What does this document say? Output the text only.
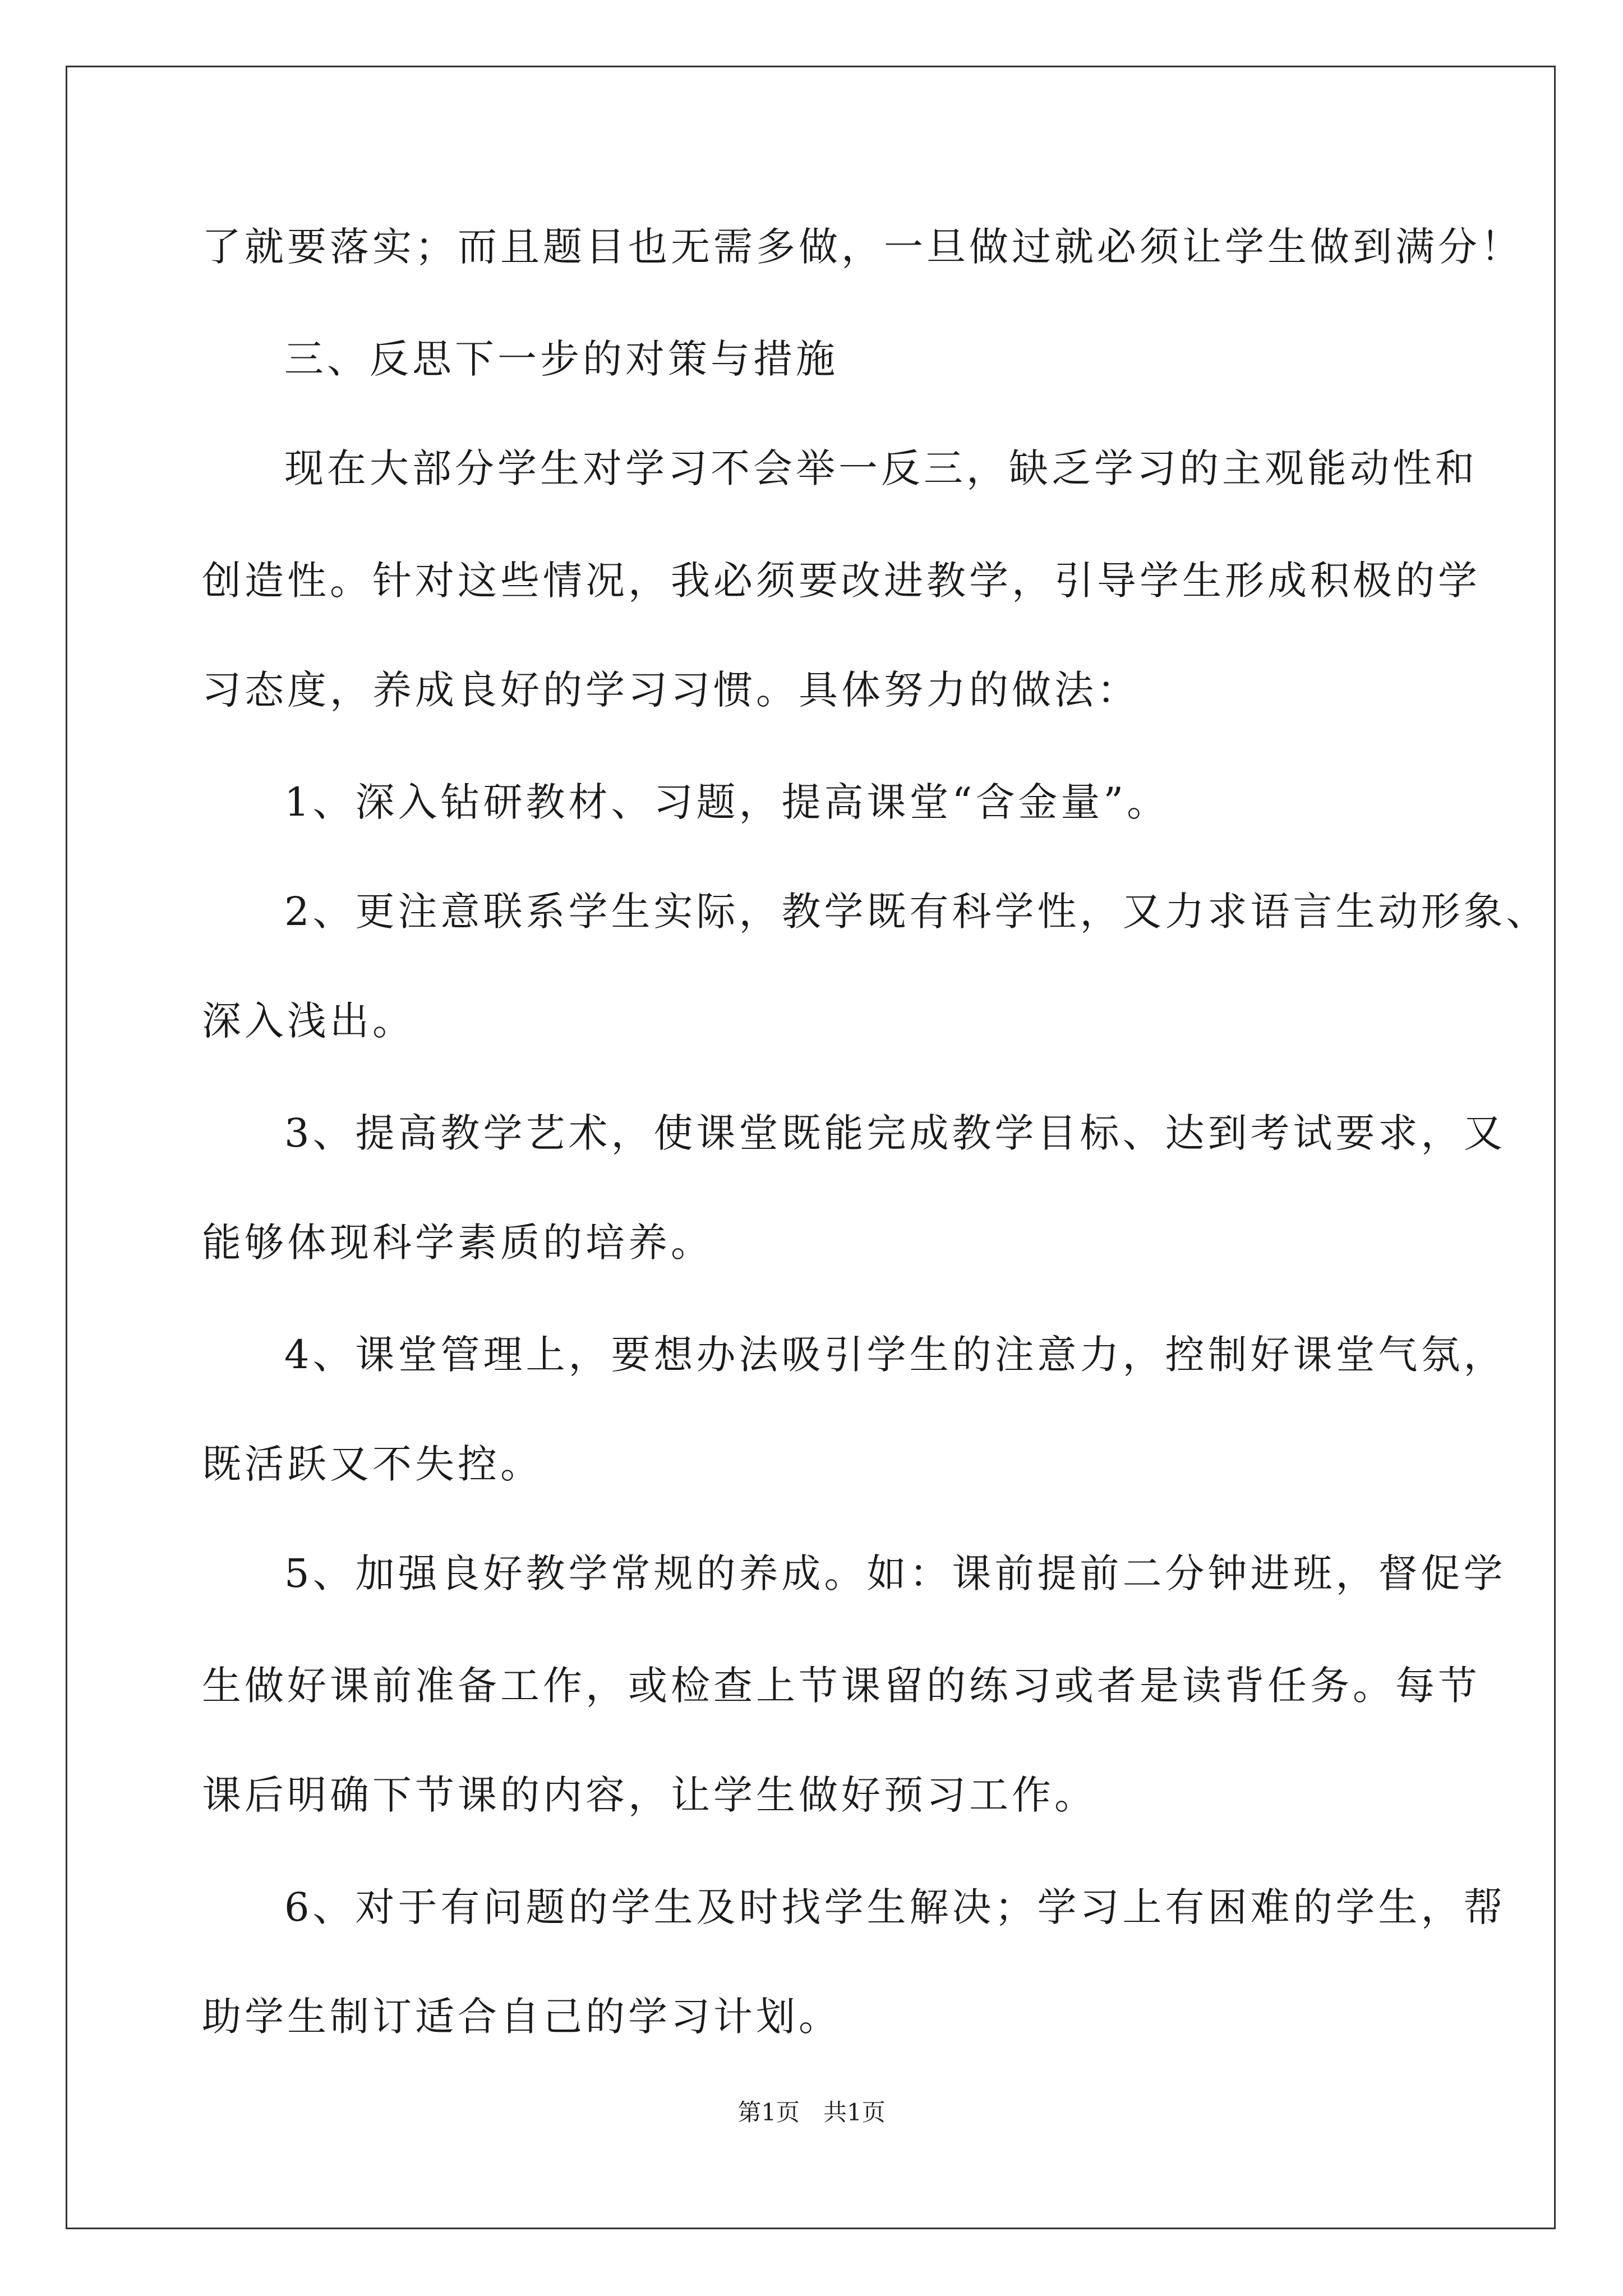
了就要落实；而且题目也无需多做，一旦做过就必须让学生做到满分！
三、反思下一步的对策与措施
现在大部分学生对学习不会举一反三，缺乏学习的主观能动性和
创造性。针对这些情况，我必须要改进教学，引导学生形成积极的学
习态度，养成良好的学习习惯。具体努力的做法：
1、深入钻研教材、习题，提高课堂“含金量”。
2、更注意联系学生实际，教学既有科学性，又力求语言生动形象、
深入浅出。
3、提高教学艺术，使课堂既能完成教学目标、达到考试要求，又
能够体现科学素质的培养。
4、课堂管理上，要想办法吸引学生的注意力，控制好课堂气氛，
既活跃又不失控。
5、加强良好教学常规的养成。如：课前提前二分钟进班，督促学
生做好课前准备工作，或检查上节课留的练习或者是读背任务。每节
课后明确下节课的内容，让学生做好预习工作。
6、对于有问题的学生及时找学生解决；学习上有困难的学生，帮
助学生制订适合自己的学习计划。
第1页　共1页
